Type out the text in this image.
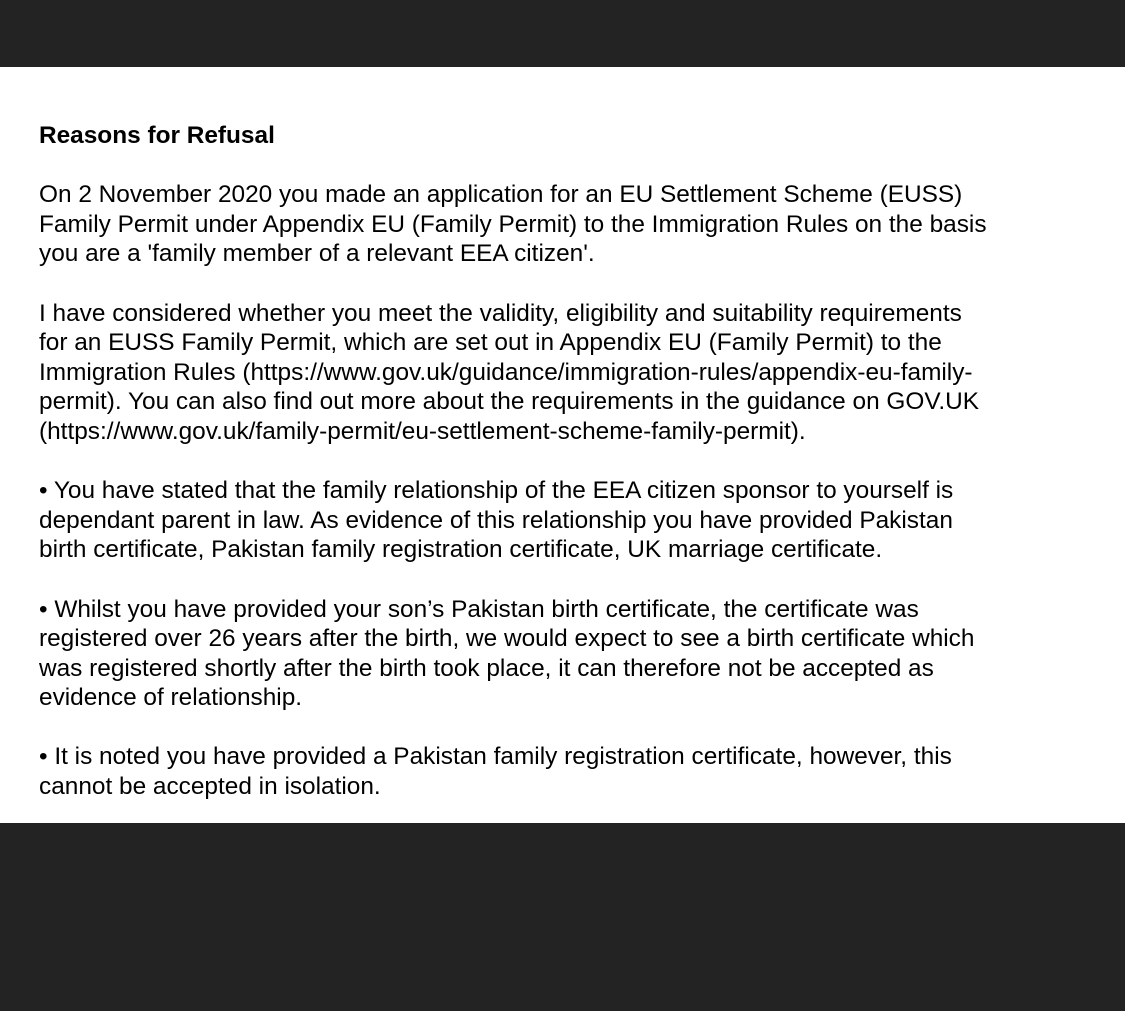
Reasons for Refusal

On 2 November 2020 you made an application for an EU Settlement Scheme (EUSS)
Family Permit under Appendix EU (Family Permit) to the Immigration Rules on the basis
you are a 'family member of a relevant EEA citizen'.

I have considered whether you meet the validity, eligibility and suitability requirements
for an EUSS Family Permit, which are set out in Appendix EU (Family Permit) to the
Immigration Rules (https://www.gov.uk/guidance/immigration-rules/appendix-eu-family-
permit). You can also find out more about the requirements in the guidance on GOV.UK
(https://www.gov.uk/family-permit/eu-settlement-scheme-family-permit).

• You have stated that the family relationship of the EEA citizen sponsor to yourself is
dependant parent in law. As evidence of this relationship you have provided Pakistan
birth certificate, Pakistan family registration certificate, UK marriage certificate.

• Whilst you have provided your son’s Pakistan birth certificate, the certificate was
registered over 26 years after the birth, we would expect to see a birth certificate which
was registered shortly after the birth took place, it can therefore not be accepted as
evidence of relationship.

• It is noted you have provided a Pakistan family registration certificate, however, this
cannot be accepted in isolation.
